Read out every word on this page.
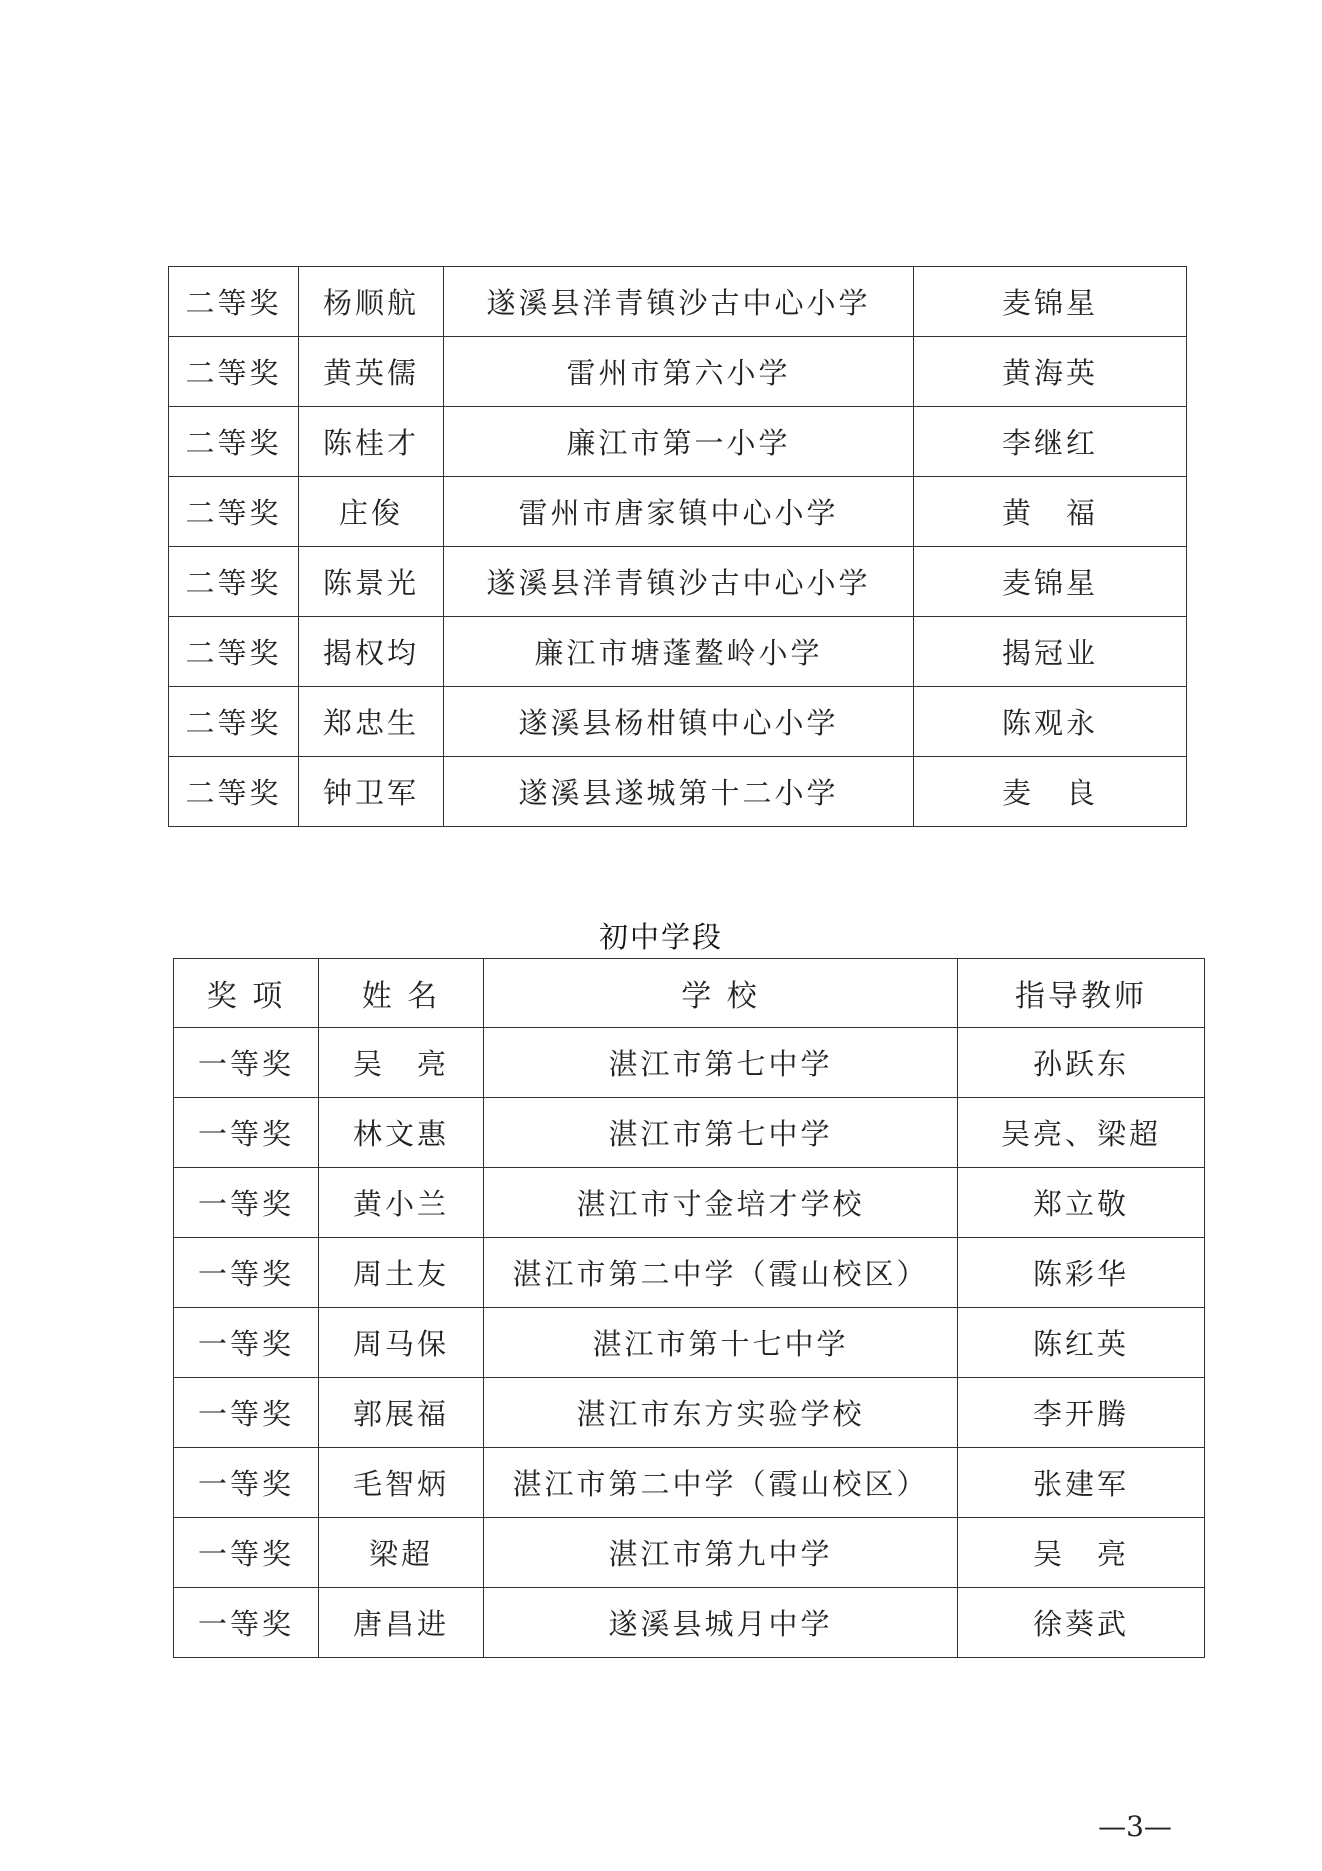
二等奖	杨顺航	遂溪县洋青镇沙古中心小学	麦锦星
二等奖	黄英儒	雷州市第六小学	黄海英
二等奖	陈桂才	廉江市第一小学	李继红
二等奖	庄俊	雷州市唐家镇中心小学	黄　福
二等奖	陈景光	遂溪县洋青镇沙古中心小学	麦锦星
二等奖	揭权均	廉江市塘蓬鳌岭小学	揭冠业
二等奖	郑忠生	遂溪县杨柑镇中心小学	陈观永
二等奖	钟卫军	遂溪县遂城第十二小学	麦　良
初中学段
奖 项	姓 名	学 校	指导教师
一等奖	吴　亮	湛江市第七中学	孙跃东
一等奖	林文惠	湛江市第七中学	吴亮、梁超
一等奖	黄小兰	湛江市寸金培才学校	郑立敬
一等奖	周土友	湛江市第二中学（霞山校区）	陈彩华
一等奖	周马保	湛江市第十七中学	陈红英
一等奖	郭展福	湛江市东方实验学校	李开腾
一等奖	毛智炳	湛江市第二中学（霞山校区）	张建军
一等奖	梁超	湛江市第九中学	吴　亮
一等奖	唐昌进	遂溪县城月中学	徐葵武
—3—
